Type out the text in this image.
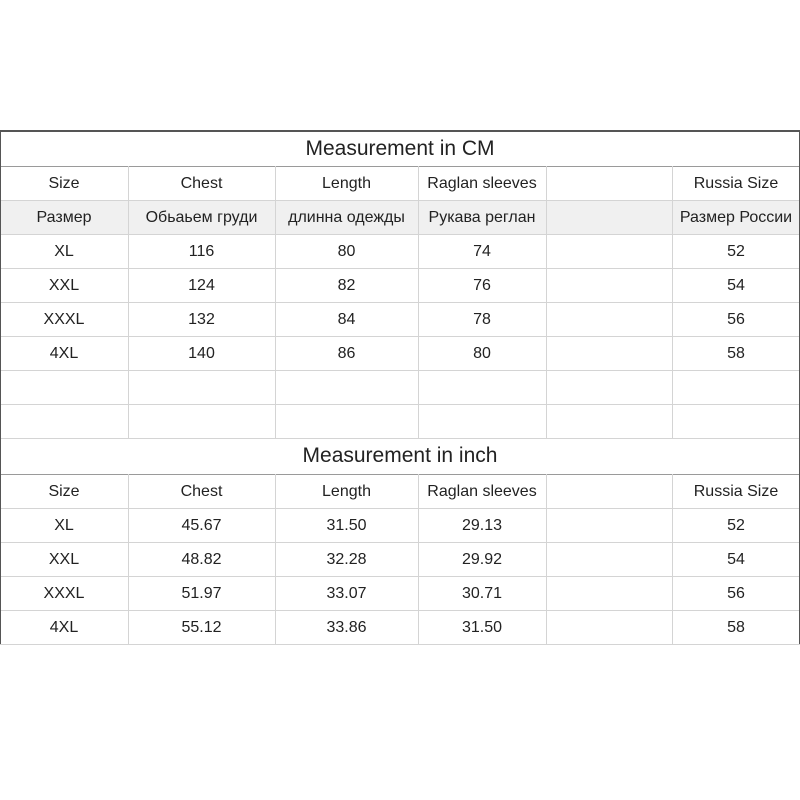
Measurement in CM
Size	Chest	Length	Raglan sleeves	Russia Size
Размер	Обьаьем груди	длинна одежды	Рукава реглан	Размер России
XL	116	80	74	52
XXL	124	82	76	54
XXXL	132	84	78	56
4XL	140	86	80	58
Measurement in inch
Size	Chest	Length	Raglan sleeves	Russia Size
XL	45.67	31.50	29.13	52
XXL	48.82	32.28	29.92	54
XXXL	51.97	33.07	30.71	56
4XL	55.12	33.86	31.50	58
